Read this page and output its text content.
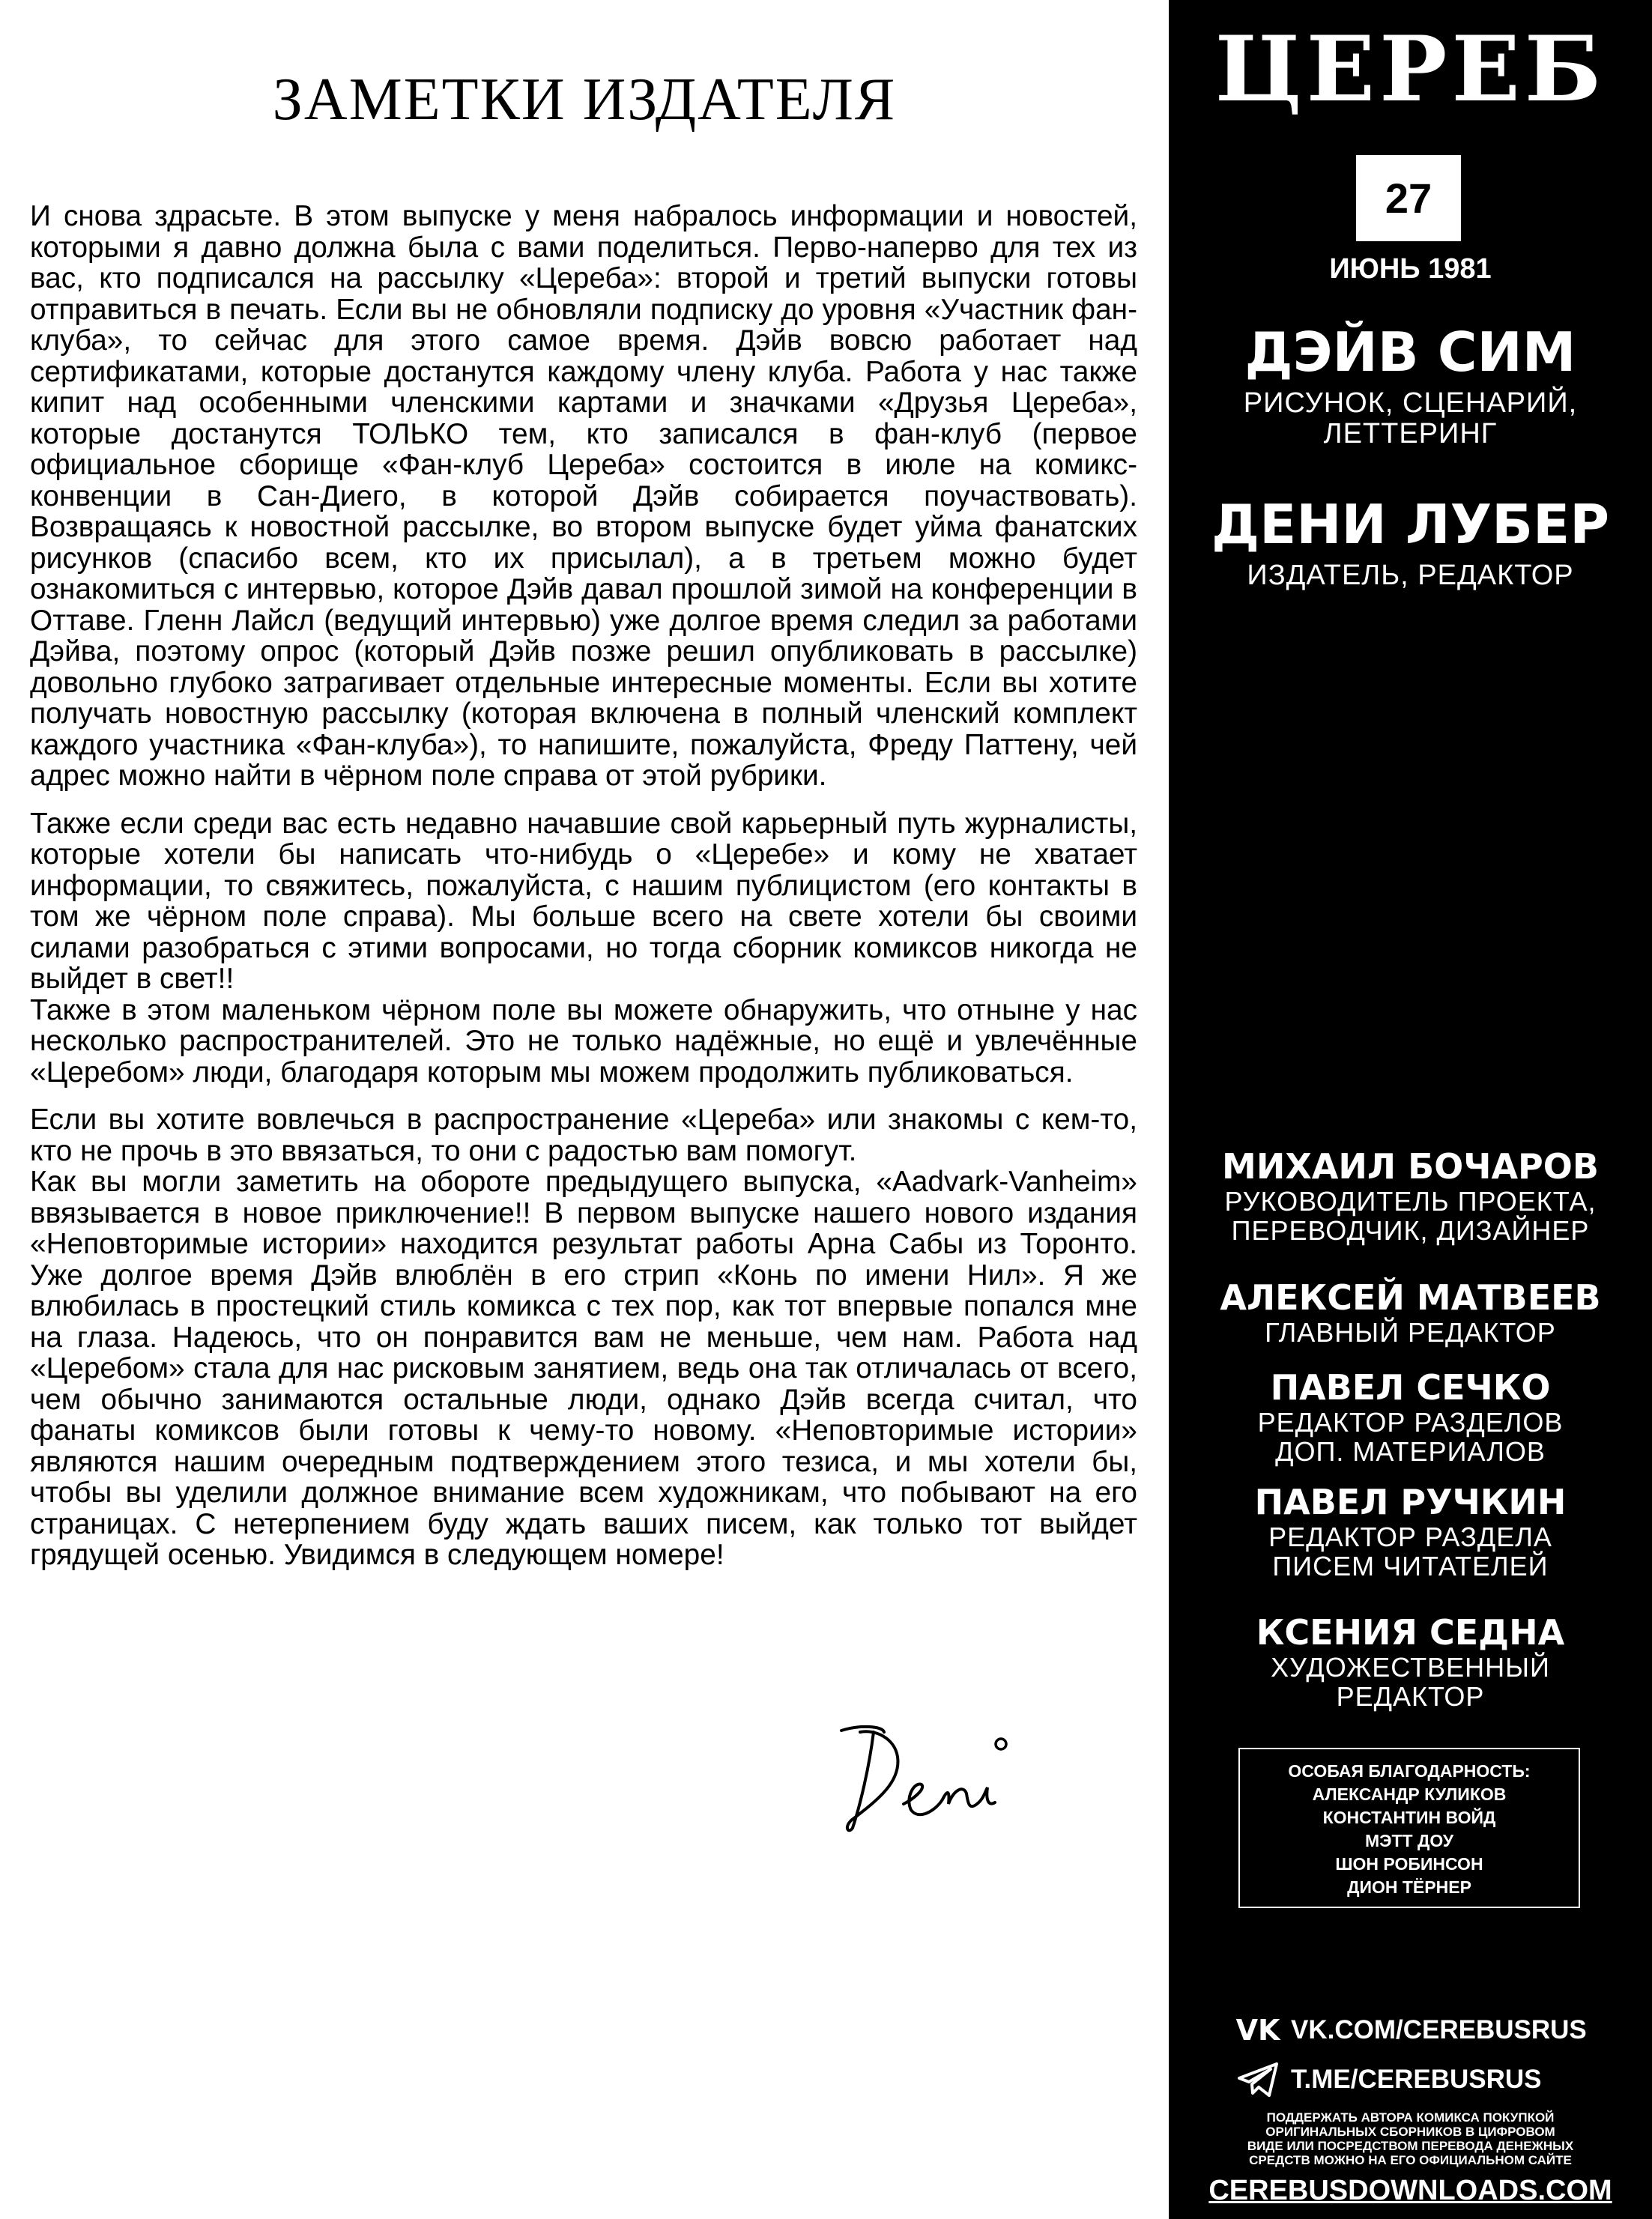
ЗАМЕТКИ ИЗДАТЕЛЯ

И снова здрасьте. В этом выпуске у меня набралось информации и новостей, которыми я давно должна была с вами поделиться. Перво-наперво для тех из вас, кто подписался на рассылку «Цереба»: второй и третий выпуски готовы отправиться в печать. Если вы не обновляли подписку до уровня «Участник фан-клуба», то сейчас для этого самое время. Дэйв вовсю работает над сертификатами, которые достанутся каждому члену клуба. Работа у нас также кипит над особенными членскими картами и значками «Друзья Цереба», которые достанутся ТОЛЬКО тем, кто записался в фан-клуб (первое официальное сборище «Фан-клуб Цереба» состоится в июле на комикс-конвенции в Сан-Диего, в которой Дэйв собирается поучаствовать). Возвращаясь к новостной рассылке, во втором выпуске будет уйма фанатских рисунков (спасибо всем, кто их присылал), а в третьем можно будет ознакомиться с интервью, которое Дэйв давал прошлой зимой на конференции в Оттаве. Гленн Лайсл (ведущий интервью) уже долгое время следил за работами Дэйва, поэтому опрос (который Дэйв позже решил опубликовать в рассылке) довольно глубоко затрагивает отдельные интересные моменты. Если вы хотите получать новостную рассылку (которая включена в полный членский комплект каждого участника «Фан-клуба»), то напишите, пожалуйста, Фреду Паттену, чей адрес можно найти в чёрном поле справа от этой рубрики.

Также если среди вас есть недавно начавшие свой карьерный путь журналисты, которые хотели бы написать что-нибудь о «Церебе» и кому не хватает информации, то свяжитесь, пожалуйста, с нашим публицистом (его контакты в том же чёрном поле справа). Мы больше всего на свете хотели бы своими силами разобраться с этими вопросами, но тогда сборник комиксов никогда не выйдет в свет!!

Также в этом маленьком чёрном поле вы можете обнаружить, что отныне у нас несколько распространителей. Это не только надёжные, но ещё и увлечённые «Церебом» люди, благодаря которым мы можем продолжить публиковаться.

Если вы хотите вовлечься в распространение «Цереба» или знакомы с кем-то, кто не прочь в это ввязаться, то они с радостью вам помогут.

Как вы могли заметить на обороте предыдущего выпуска, «Aadvark-Vanheim» ввязывается в новое приключение!! В первом выпуске нашего нового издания «Неповторимые истории» находится результат работы Арна Сабы из Торонто. Уже долгое время Дэйв влюблён в его стрип «Конь по имени Нил». Я же влюбилась в простецкий стиль комикса с тех пор, как тот впервые попался мне на глаза. Надеюсь, что он понравится вам не меньше, чем нам. Работа над «Церебом» стала для нас рисковым занятием, ведь она так отличалась от всего, чем обычно занимаются остальные люди, однако Дэйв всегда считал, что фанаты комиксов были готовы к чему-то новому. «Неповторимые истории» являются нашим очередным подтверждением этого тезиса, и мы хотели бы, чтобы вы уделили должное внимание всем художникам, что побывают на его страницах. С нетерпением буду ждать ваших писем, как только тот выйдет грядущей осенью. Увидимся в следующем номере!

ЦЕРЕБ
27
ИЮНЬ 1981
ДЭЙВ СИМ
РИСУНОК, СЦЕНАРИЙ,
ЛЕТТЕРИНГ
ДЕНИ ЛУБЕР
ИЗДАТЕЛЬ, РЕДАКТОР
МИХАИЛ БОЧАРОВ
РУКОВОДИТЕЛЬ ПРОЕКТА,
ПЕРЕВОДЧИК, ДИЗАЙНЕР
АЛЕКСЕЙ МАТВЕЕВ
ГЛАВНЫЙ РЕДАКТОР
ПАВЕЛ СЕЧКО
РЕДАКТОР РАЗДЕЛОВ
ДОП. МАТЕРИАЛОВ
ПАВЕЛ РУЧКИН
РЕДАКТОР РАЗДЕЛА
ПИСЕМ ЧИТАТЕЛЕЙ
КСЕНИЯ СЕДНА
ХУДОЖЕСТВЕННЫЙ
РЕДАКТОР
ОСОБАЯ БЛАГОДАРНОСТЬ:
АЛЕКСАНДР КУЛИКОВ
КОНСТАНТИН ВОЙД
МЭТТ ДОУ
ШОН РОБИНСОН
ДИОН ТЁРНЕР
VK VK.COM/CEREBUSRUS
T.ME/CEREBUSRUS
ПОДДЕРЖАТЬ АВТОРА КОМИКСА ПОКУПКОЙ
ОРИГИНАЛЬНЫХ СБОРНИКОВ В ЦИФРОВОМ
ВИДЕ ИЛИ ПОСРЕДСТВОМ ПЕРЕВОДА ДЕНЕЖНЫХ
СРЕДСТВ МОЖНО НА ЕГО ОФИЦИАЛЬНОМ САЙТЕ
CEREBUSDOWNLOADS.COM
